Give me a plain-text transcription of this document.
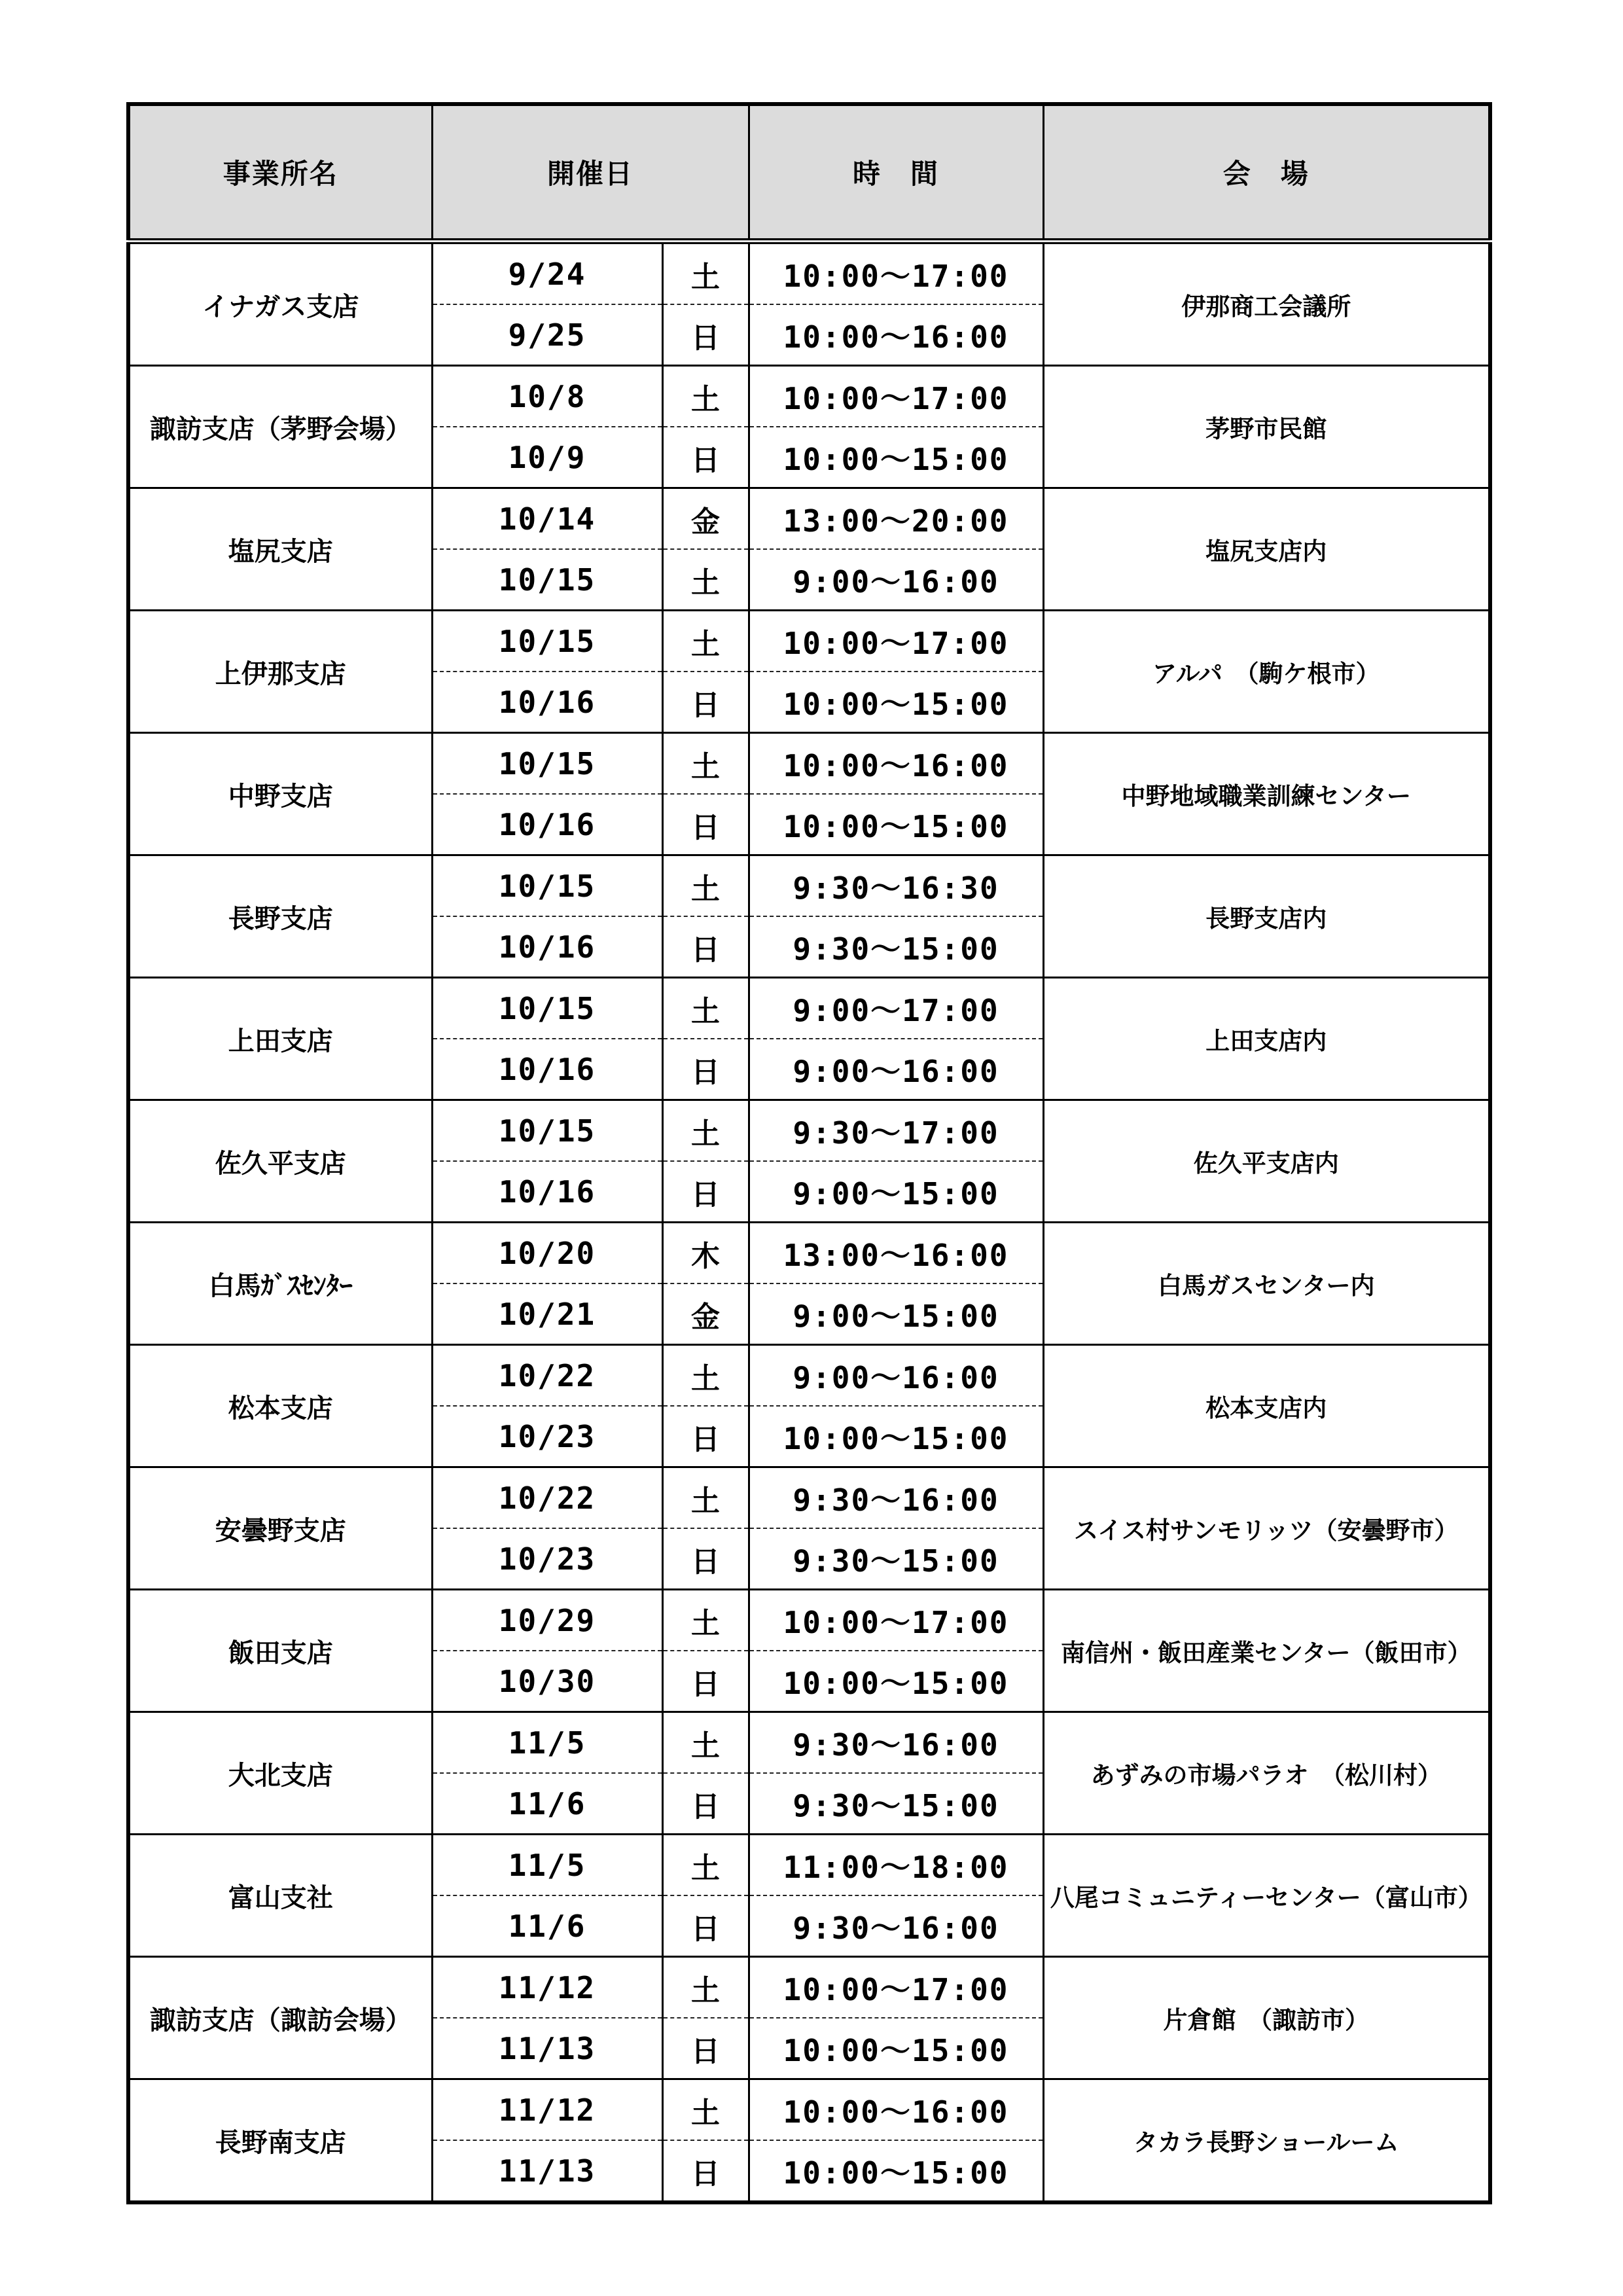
事業所名	開催日		時　間	会　場
イナガス支店	9/24	土	10:00～17:00	伊那商工会議所
	9/25	日	10:00～16:00	
諏訪支店（茅野会場）	10/8	土	10:00～17:00	茅野市民館
	10/9	日	10:00～15:00	
塩尻支店	10/14	金	13:00～20:00	塩尻支店内
	10/15	土	9:00～16:00	
上伊那支店	10/15	土	10:00～17:00	アルパ　（駒ケ根市）
	10/16	日	10:00～15:00	
中野支店	10/15	土	10:00～16:00	中野地域職業訓練センター
	10/16	日	10:00～15:00	
長野支店	10/15	土	9:30～16:30	長野支店内
	10/16	日	9:30～15:00	
上田支店	10/15	土	9:00～17:00	上田支店内
	10/16	日	9:00～16:00	
佐久平支店	10/15	土	9:30～17:00	佐久平支店内
	10/16	日	9:00～15:00	
白馬ｶﾞｽｾﾝﾀｰ	10/20	木	13:00～16:00	白馬ガスセンター内
	10/21	金	9:00～15:00	
松本支店	10/22	土	9:00～16:00	松本支店内
	10/23	日	10:00～15:00	
安曇野支店	10/22	土	9:30～16:00	スイス村サンモリッツ（安曇野市）
	10/23	日	9:30～15:00	
飯田支店	10/29	土	10:00～17:00	南信州・飯田産業センター（飯田市）
	10/30	日	10:00～15:00	
大北支店	11/5	土	9:30～16:00	あずみの市場パラオ　（松川村）
	11/6	日	9:30～15:00	
富山支社	11/5	土	11:00～18:00	八尾コミュニティーセンター（富山市）
	11/6	日	9:30～16:00	
諏訪支店（諏訪会場）	11/12	土	10:00～17:00	片倉館　（諏訪市）
	11/13	日	10:00～15:00	
長野南支店	11/12	土	10:00～16:00	タカラ長野ショールーム
	11/13	日	10:00～15:00	
